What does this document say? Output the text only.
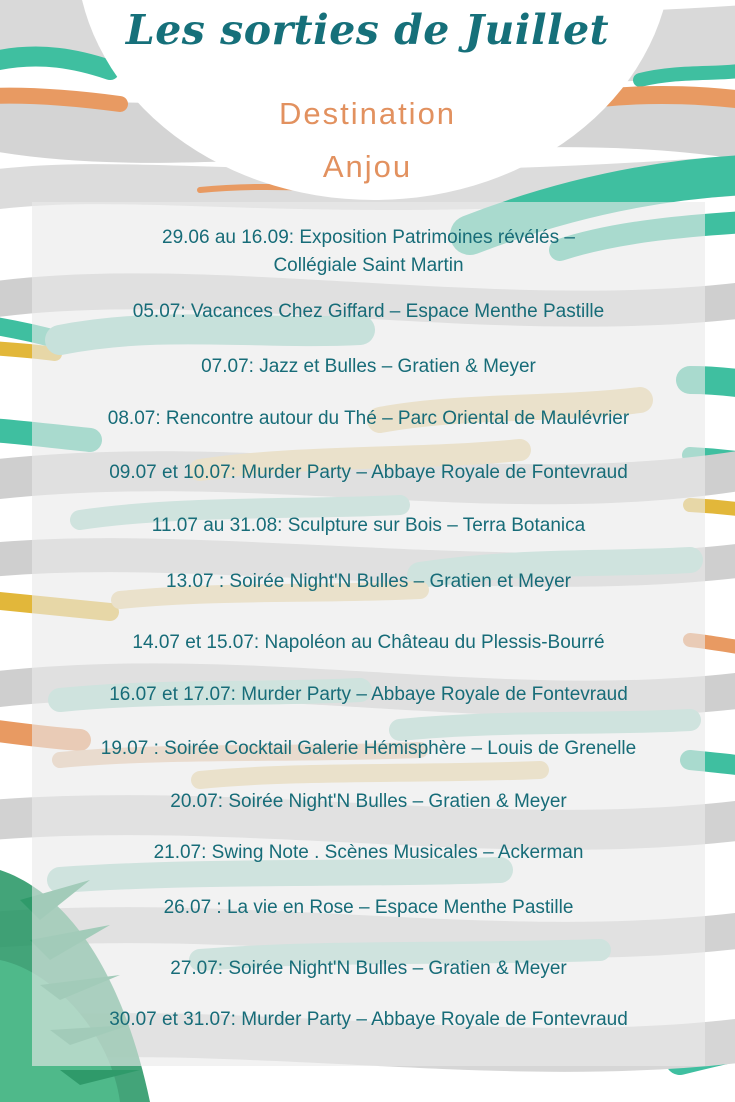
Les sorties de Juillet
Destination
Anjou
29.06 au 16.09: Exposition Patrimoines révélés –
Collégiale Saint Martin

05.07: Vacances Chez Giffard – Espace Menthe Pastille

07.07: Jazz et Bulles – Gratien & Meyer

08.07: Rencontre autour du Thé – Parc Oriental de Maulévrier

09.07 et 10.07: Murder Party – Abbaye Royale de Fontevraud

11.07 au 31.08: Sculpture sur Bois – Terra Botanica

13.07 : Soirée Night'N Bulles – Gratien et Meyer

14.07 et 15.07: Napoléon au Château du Plessis-Bourré

16.07 et 17.07: Murder Party – Abbaye Royale de Fontevraud

19.07 : Soirée Cocktail Galerie Hémisphère – Louis de Grenelle

20.07: Soirée Night'N Bulles – Gratien & Meyer

21.07: Swing Note . Scènes Musicales – Ackerman

26.07 : La vie en Rose – Espace Menthe Pastille

27.07: Soirée Night'N Bulles – Gratien & Meyer

30.07 et 31.07: Murder Party – Abbaye Royale de Fontevraud
